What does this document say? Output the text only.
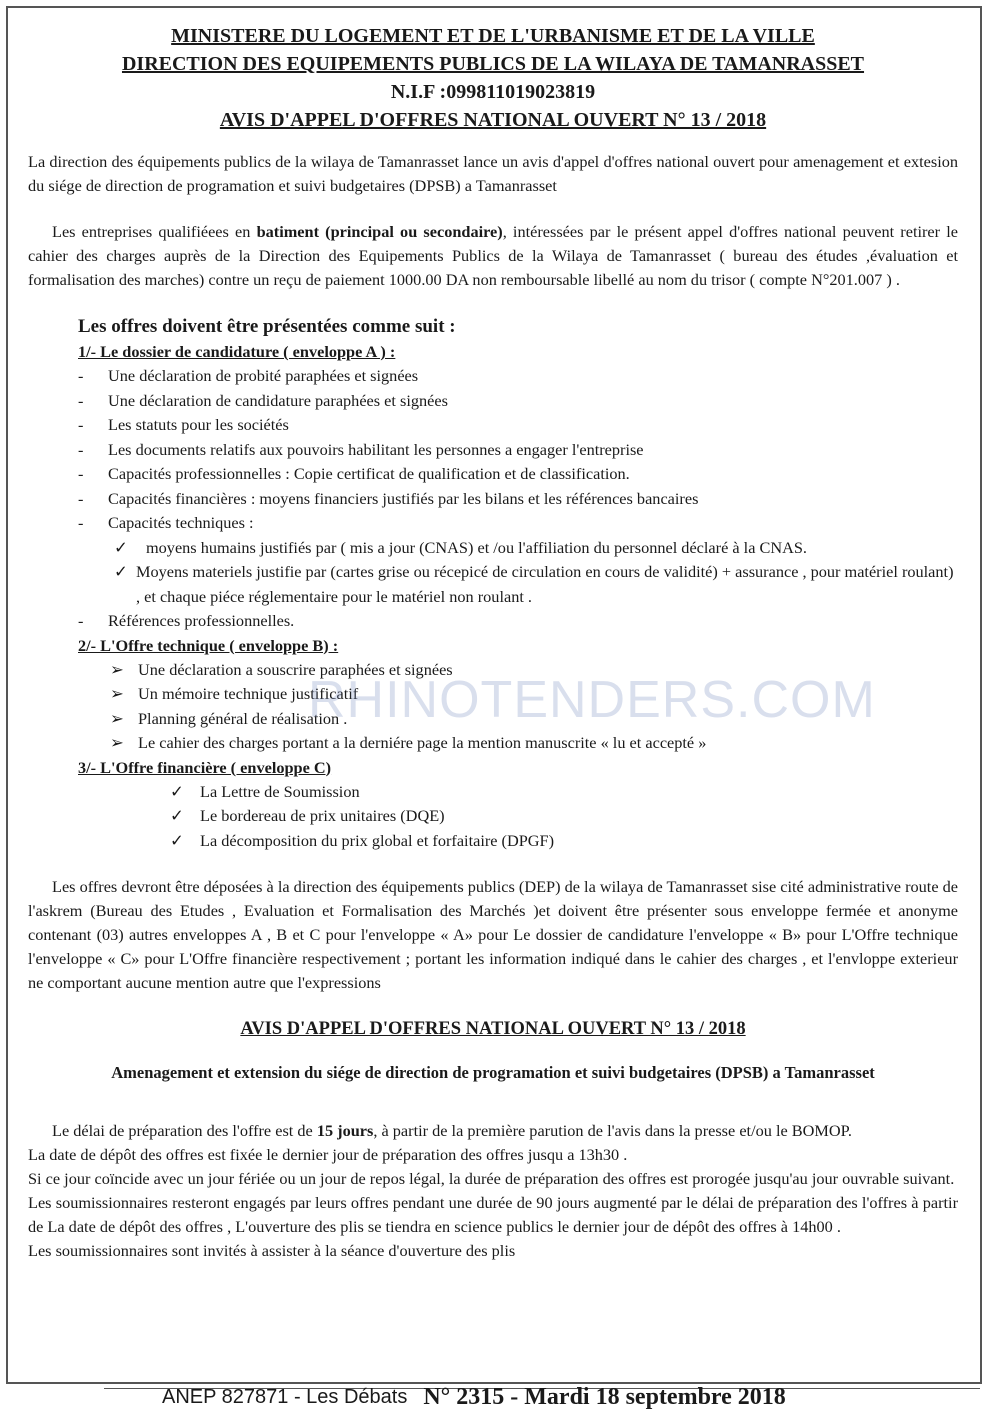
MINISTERE DU LOGEMENT ET DE L'URBANISME ET DE LA VILLE
DIRECTION DES EQUIPEMENTS PUBLICS DE LA WILAYA DE TAMANRASSET
N.I.F :099811019023819
AVIS D'APPEL D'OFFRES NATIONAL OUVERT N° 13 / 2018

La direction des équipements publics de la wilaya de Tamanrasset lance un avis d'appel d'offres national ouvert pour amenagement et extesion du siége de direction de programation et suivi budgetaires (DPSB) a Tamanrasset

Les entreprises qualifiéees en batiment (principal ou secondaire), intéressées par le présent appel d'offres national peuvent retirer le cahier des charges auprès de la Direction des Equipements Publics de la Wilaya de Tamanrasset ( bureau des études ,évaluation et formalisation des marches) contre un reçu de paiement 1000.00 DA non remboursable libellé au nom du trisor ( compte N°201.007 ) .

Les offres doivent être présentées comme suit :
1/- Le dossier de candidature ( enveloppe A ) :
- Une déclaration de probité paraphées et signées
- Une déclaration de candidature paraphées et signées
- Les statuts pour les sociétés
- Les documents relatifs aux pouvoirs habilitant les personnes a engager l'entreprise
- Capacités professionnelles : Copie certificat de qualification et de classification.
- Capacités financières : moyens financiers justifiés par les bilans et les références bancaires
- Capacités techniques :
✓ moyens humains justifiés par ( mis a jour (CNAS) et /ou l'affiliation du personnel déclaré à la CNAS.
✓ Moyens materiels justifie par (cartes grise ou récepicé de circulation en cours de validité) + assurance , pour matériel roulant) , et chaque piéce réglementaire pour le matériel non roulant .
- Références professionnelles.
2/- L'Offre technique ( enveloppe B) :
➢ Une déclaration a souscrire paraphées et signées
➢ Un mémoire technique justificatif
➢ Planning général de réalisation .
➢ Le cahier des charges portant a la derniére page la mention manuscrite « lu et accepté »
3/- L'Offre financière ( enveloppe C)
✓ La Lettre de Soumission
✓ Le bordereau de prix unitaires (DQE)
✓ La décomposition du prix global et forfaitaire (DPGF)

Les offres devront être déposées à la direction des équipements publics (DEP) de la wilaya de Tamanrasset sise cité administrative route de l'askrem (Bureau des Etudes , Evaluation et Formalisation des Marchés )et doivent être présenter sous enveloppe fermée et anonyme contenant (03) autres enveloppes A , B et C pour l'enveloppe « A» pour Le dossier de candidature l'enveloppe « B» pour L'Offre technique l'enveloppe « C» pour L'Offre financière respectivement ; portant les information indiqué dans le cahier des charges , et l'envloppe exterieur ne comportant aucune mention autre que l'expressions

AVIS D'APPEL D'OFFRES NATIONAL OUVERT N° 13 / 2018
Amenagement et extension du siége de direction de programation et suivi budgetaires (DPSB) a Tamanrasset

Le délai de préparation des l'offre est de 15 jours, à partir de la première parution de l'avis dans la presse et/ou le BOMOP.

La date de dépôt des offres est fixée le dernier jour de préparation des offres jusqu a 13h30 .

Si ce jour coïncide avec un jour fériée ou un jour de repos légal, la durée de préparation des offres est prorogée jusqu'au jour ouvrable suivant.

Les soumissionnaires resteront engagés par leurs offres pendant une durée de 90 jours augmenté par le délai de préparation des l'offres à partir de La date de dépôt des offres , L'ouverture des plis se tiendra en science publics le dernier jour de dépôt des offres à 14h00 .

Les soumissionnaires sont invités à assister à la séance d'ouverture des plis

RHINOTENDERS.COM
ANEP 827871 - Les Débats N° 2315 - Mardi 18 septembre 2018
